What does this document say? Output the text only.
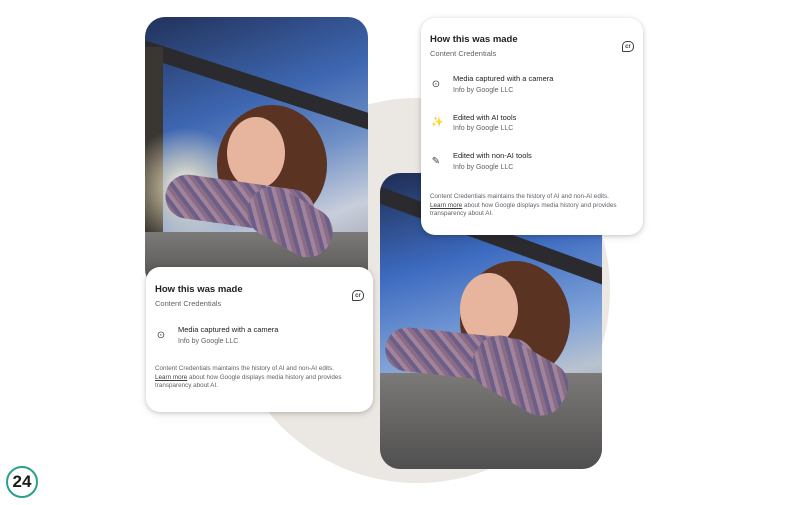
How this was made
Content Credentials
cr
⊙
Media captured with a camera
Info by Google LLC
Content Credentials maintains the history of AI and non-AI edits.
Learn more about how Google displays media history and provides transparency about AI.
How this was made
Content Credentials
cr
⊙
Media captured with a camera
Info by Google LLC
✨ Edited with AI tools
Info by Google LLC
✎
Edited with non-AI tools
Info by Google LLC
Content Credentials maintains the history of AI and non-AI edits.
Learn more about how Google displays media history and provides transparency about AI.
24
